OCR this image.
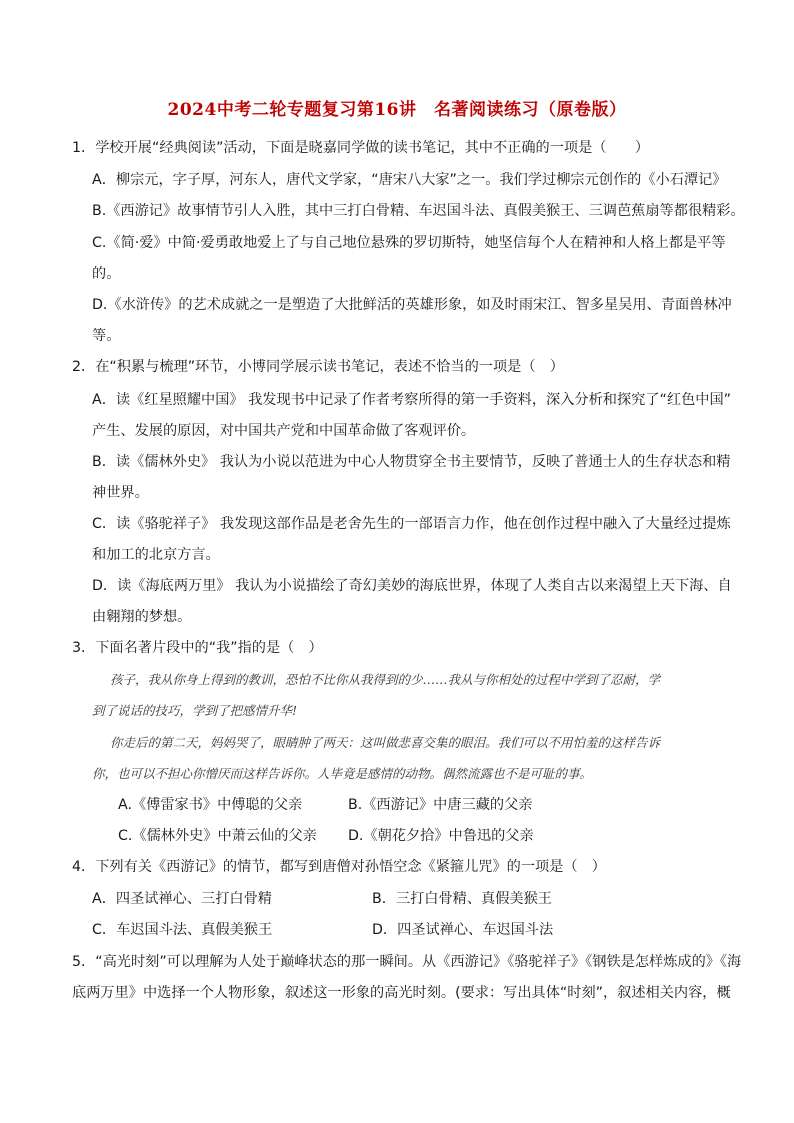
2024中考二轮专题复习第16讲　名著阅读练习（原卷版）
1．学校开展“经典阅读”活动，下面是晓嘉同学做的读书笔记，其中不正确的一项是（　　）
A．柳宗元，字子厚，河东人，唐代文学家，“唐宋八大家”之一。我们学过柳宗元创作的《小石潭记》
B.《西游记》故事情节引人入胜，其中三打白骨精、车迟国斗法、真假美猴王、三调芭蕉扇等都很精彩。
C.《简·爱》中简·爱勇敢地爱上了与自己地位悬殊的罗切斯特，她坚信每个人在精神和人格上都是平等
的。
D.《水浒传》的艺术成就之一是塑造了大批鲜活的英雄形象，如及时雨宋江、智多星吴用、青面兽林冲
等。
2．在“积累与梳理”环节，小博同学展示读书笔记，表述不恰当的一项是（　）
A．读《红星照耀中国》 我发现书中记录了作者考察所得的第一手资料，深入分析和探究了“红色中国”
产生、发展的原因，对中国共产党和中国革命做了客观评价。
B．读《儒林外史》 我认为小说以范进为中心人物贯穿全书主要情节，反映了普通士人的生存状态和精
神世界。
C．读《骆驼祥子》 我发现这部作品是老舍先生的一部语言力作，他在创作过程中融入了大量经过提炼
和加工的北京方言。
D．读《海底两万里》 我认为小说描绘了奇幻美妙的海底世界，体现了人类自古以来渴望上天下海、自
由翱翔的梦想。
3．下面名著片段中的“我”指的是（　）
孩子，我从你身上得到的教训，恐怕不比你从我得到的少……我从与你相处的过程中学到了忍耐，学
到了说话的技巧，学到了把感情升华!
你走后的第二天，妈妈哭了，眼睛肿了两天：这叫做悲喜交集的眼泪。我们可以不用怕羞的这样告诉
你，也可以不担心你憎厌而这样告诉你。人毕竟是感情的动物。偶然流露也不是可耻的事。
A.《傅雷家书》中傅聪的父亲	B.《西游记》中唐三藏的父亲
C.《儒林外史》中萧云仙的父亲 D.《朝花夕拾》中鲁迅的父亲
4．下列有关《西游记》的情节，都写到唐僧对孙悟空念《紧箍儿咒》的一项是（　）
A．四圣试禅心、三打白骨精	B．三打白骨精、真假美猴王
C．车迟国斗法、真假美猴王	D．四圣试禅心、车迟国斗法
5．“高光时刻”可以理解为人处于巅峰状态的那一瞬间。从《西游记》《骆驼祥子》《钢铁是怎样炼成的》《海
底两万里》中选择一个人物形象，叙述这一形象的高光时刻。(要求：写出具体“时刻”，叙述相关内容，概
